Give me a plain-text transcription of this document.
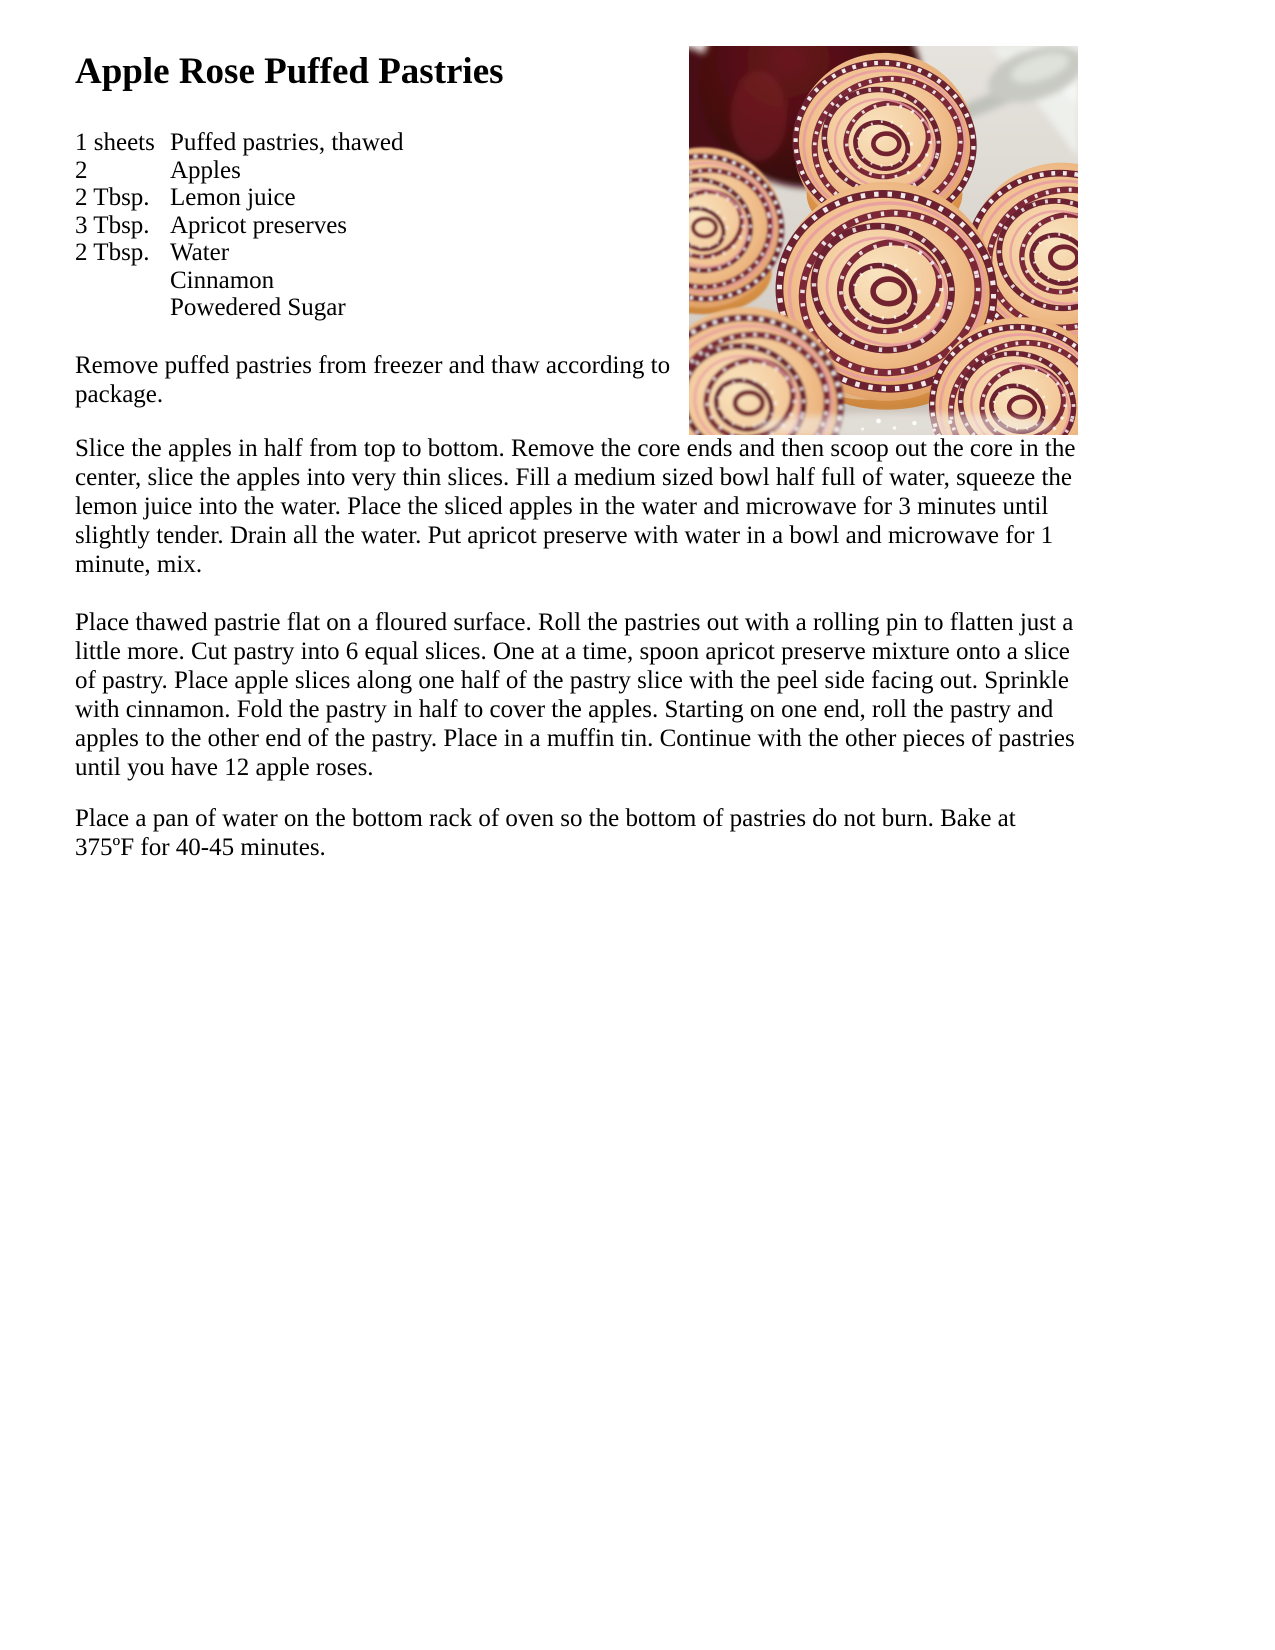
Apple Rose Puffed Pastries
1 sheets Puffed pastries, thawed
2	Apples
2 Tbsp. Lemon juice
3 Tbsp. Apricot preserves
2 Tbsp. Water
Cinnamon
Powedered Sugar
Remove puffed pastries from freezer and thaw according to package.
Slice the apples in half from top to bottom. Remove the core ends and then scoop out the core in the center, slice the apples into very thin slices. Fill a medium sized bowl half full of water, squeeze the lemon juice into the water. Place the sliced apples in the water and microwave for 3 minutes until slightly tender. Drain all the water. Put apricot preserve with water in a bowl and microwave for 1 minute, mix.
Place thawed pastrie flat on a floured surface. Roll the pastries out with a rolling pin to flatten just a little more. Cut pastry into 6 equal slices. One at a time, spoon apricot preserve mixture onto a slice of pastry. Place apple slices along one half of the pastry slice with the peel side facing out. Sprinkle with cinnamon. Fold the pastry in half to cover the apples. Starting on one end, roll the pastry and apples to the other end of the pastry. Place in a muffin tin. Continue with the other pieces of pastries until you have 12 apple roses.
Place a pan of water on the bottom rack of oven so the bottom of pastries do not burn. Bake at 375ºF for 40-45 minutes.
